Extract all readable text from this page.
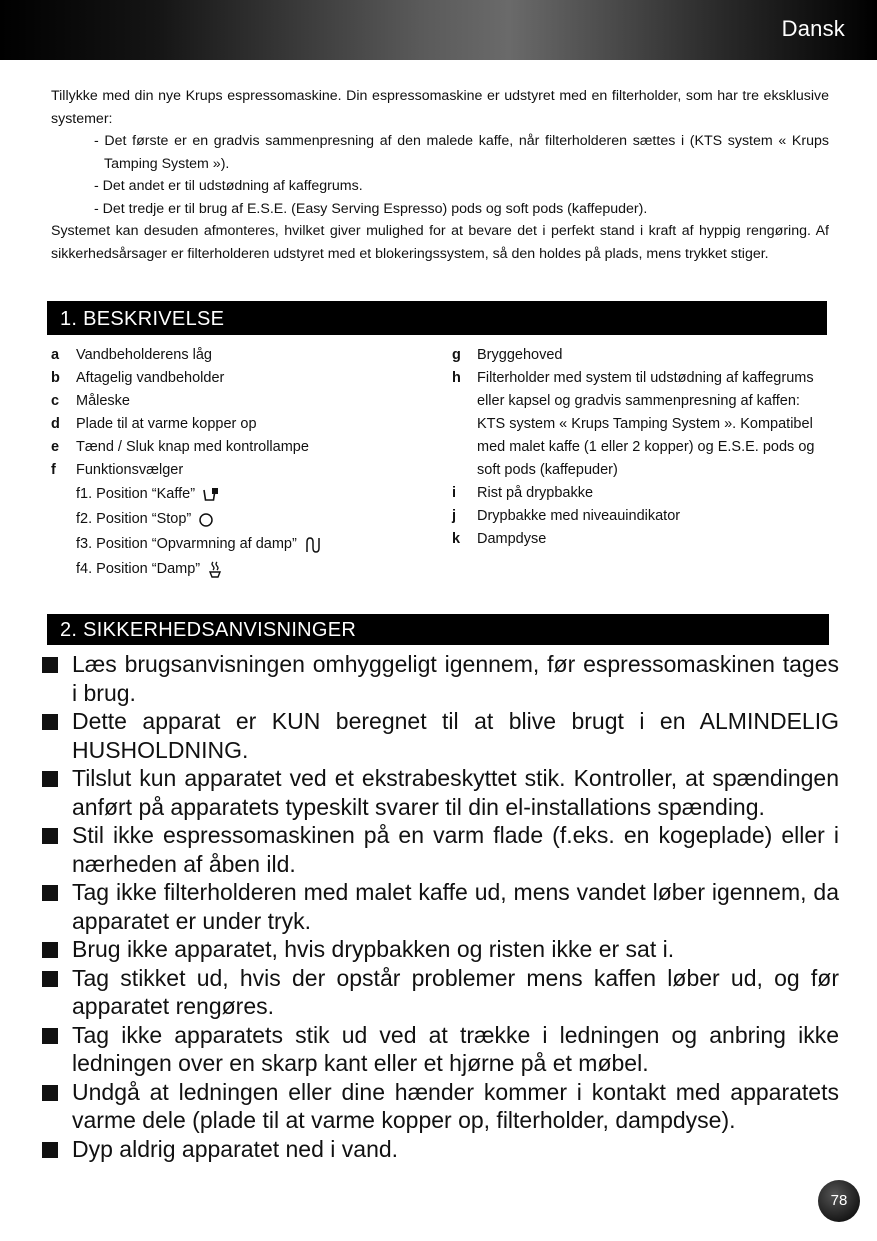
Dansk

Tillykke med din nye Krups espressomaskine. Din espressomaskine er udstyret med en filterholder, som har tre eksklusive systemer:

- Det første er en gradvis sammenpresning af den malede kaffe, når filterholderen sættes i (KTS system « Krups Tamping System »).

- Det andet er til udstødning af kaffegrums.

- Det tredje er til brug af E.S.E. (Easy Serving Espresso) pods og soft pods (kaffepuder).

Systemet kan desuden afmonteres, hvilket giver mulighed for at bevare det i perfekt stand i kraft af hyppig rengøring. Af sikkerhedsårsager er filterholderen udstyret med et blokeringssystem, så den holdes på plads, mens trykket stiger.

1. BESKRIVELSE
a	Vandbeholderens låg
b	Aftagelig vandbeholder
c	Måleske
d	Plade til at varme kopper op
e	Tænd / Sluk knap med kontrollampe
f	Funktionsvælger
f1. Position “Kaffe”
f2. Position “Stop”
f3. Position “Opvarmning af damp”
f4. Position “Damp”
g	Bryggehoved
h	Filterholder med system til udstødning af kaffegrums eller kapsel og gradvis sammenpresning af kaffen: KTS system « Krups Tamping System ». Kompatibel med malet kaffe (1 eller 2 kopper) og E.S.E. pods og soft pods (kaffepuder)
i	Rist på drypbakke
j	Drypbakke med niveauindikator
k	Dampdyse
2. SIKKERHEDSANVISNINGER
Læs brugsanvisningen omhyggeligt igennem, før espressomaskinen tages i brug.
Dette apparat er KUN beregnet til at blive brugt i en ALMINDELIG HUSHOLDNING.
Tilslut kun apparatet ved et ekstrabeskyttet stik. Kontroller, at spændingen anført på apparatets typeskilt svarer til din el-installations spænding.
Stil ikke espressomaskinen på en varm flade (f.eks. en kogeplade) eller i nærheden af åben ild.
Tag ikke filterholderen med malet kaffe ud, mens vandet løber igennem, da apparatet er under tryk.
Brug ikke apparatet, hvis drypbakken og risten ikke er sat i.
Tag stikket ud, hvis der opstår problemer mens kaffen løber ud, og før apparatet rengøres.
Tag ikke apparatets stik ud ved at trække i ledningen og anbring ikke ledningen over en skarp kant eller et hjørne på et møbel.
Undgå at ledningen eller dine hænder kommer i kontakt med apparatets varme dele (plade til at varme kopper op, filterholder, dampdyse).
Dyp aldrig apparatet ned i vand.
78
